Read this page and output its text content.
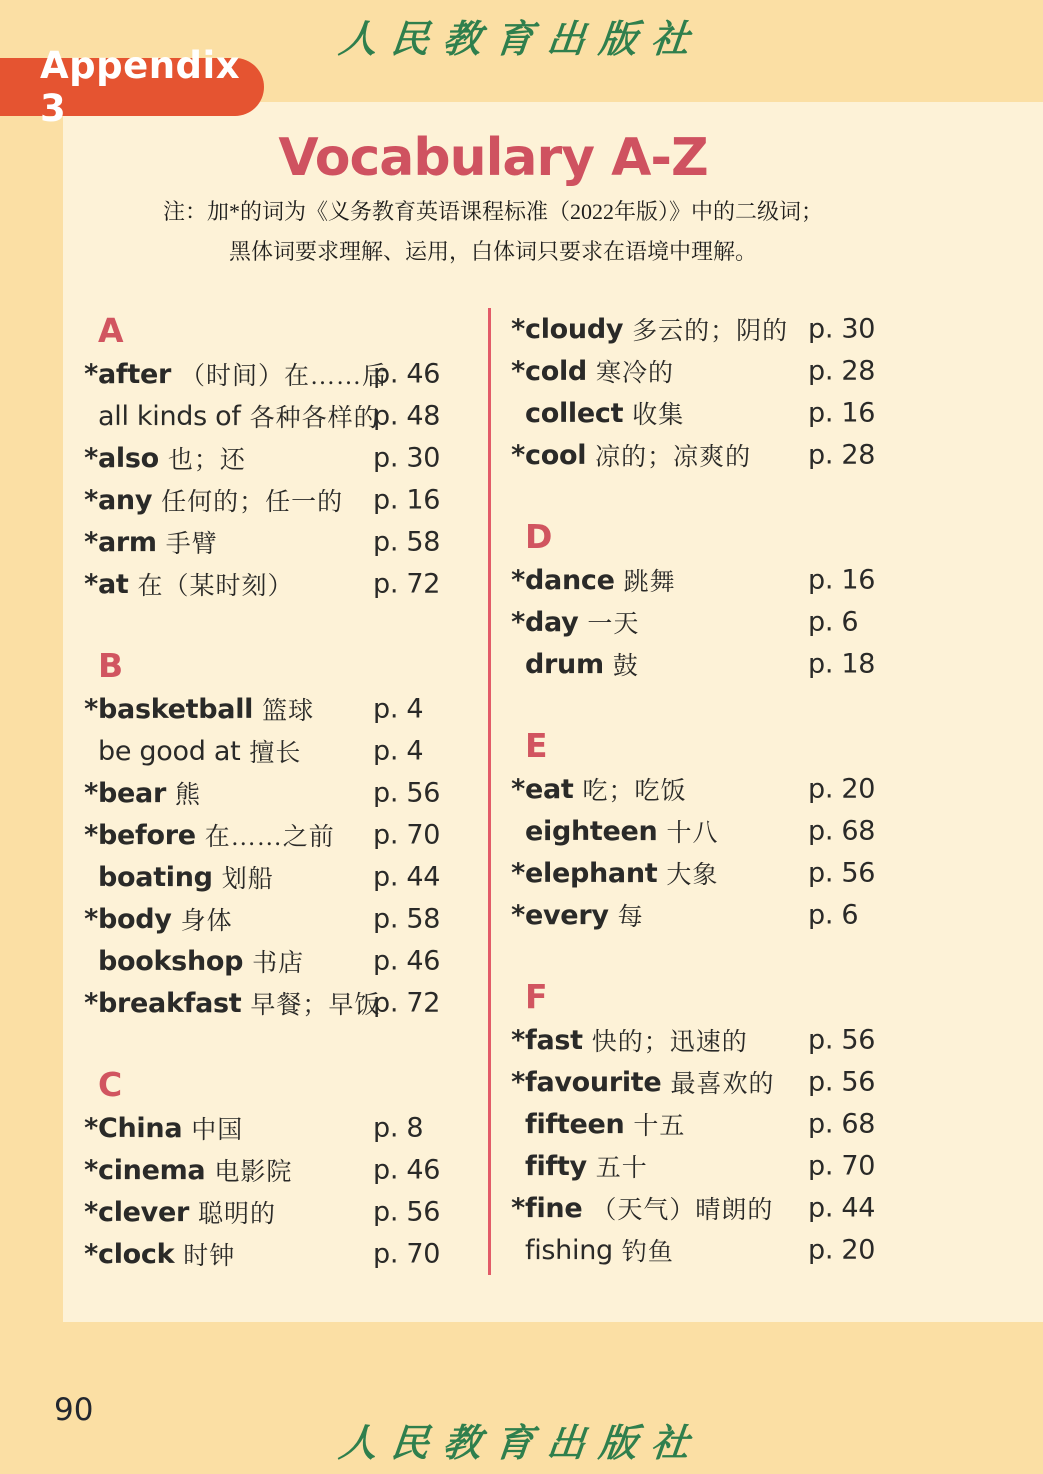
人民教育出版社
Appendix 3
Vocabulary A-Z
注：加*的词为《义务教育英语课程标准（2022年版）》中的二级词；
黑体词要求理解、运用，白体词只要求在语境中理解。
A
* after （时间）在……后
p. 46
all kinds of 各种各样的
p. 48
* also 也；还	p. 30
* any 任何的；任一的 p. 16
* arm 手臂	p. 58
* at 在（某时刻）	p. 72
B
* basketball 篮球 p. 4
be good at 擅长	p. 4
* bear 熊	p. 56
* before 在……之前 p. 70
boating 划船	p. 44
* body 身体	p. 58
bookshop 书店	p. 46
* breakfast 早餐；早饭
p. 72
C
* China 中国	p. 8
* cinema 电影院	p. 46
* clever 聪明的	p. 56
* clock 时钟	p. 70
* cloudy 多云的；阴的 p. 30
* cold 寒冷的	p. 28
collect 收集	p. 16
* cool 凉的；凉爽的 p. 28
D
* dance 跳舞	p. 16
* day 一天	p. 6
drum 鼓	p. 18
E
* eat 吃；吃饭	p. 20
eighteen 十八	p. 68
* elephant 大象	p. 56
* every 每	p. 6
F
* fast 快的；迅速的 p. 56
* favourite 最喜欢的 p. 56
fifteen 十五	p. 68
fifty 五十	p. 70
* fine （天气）晴朗的 p. 44
fishing 钓鱼	p. 20
90
人民教育出版社
